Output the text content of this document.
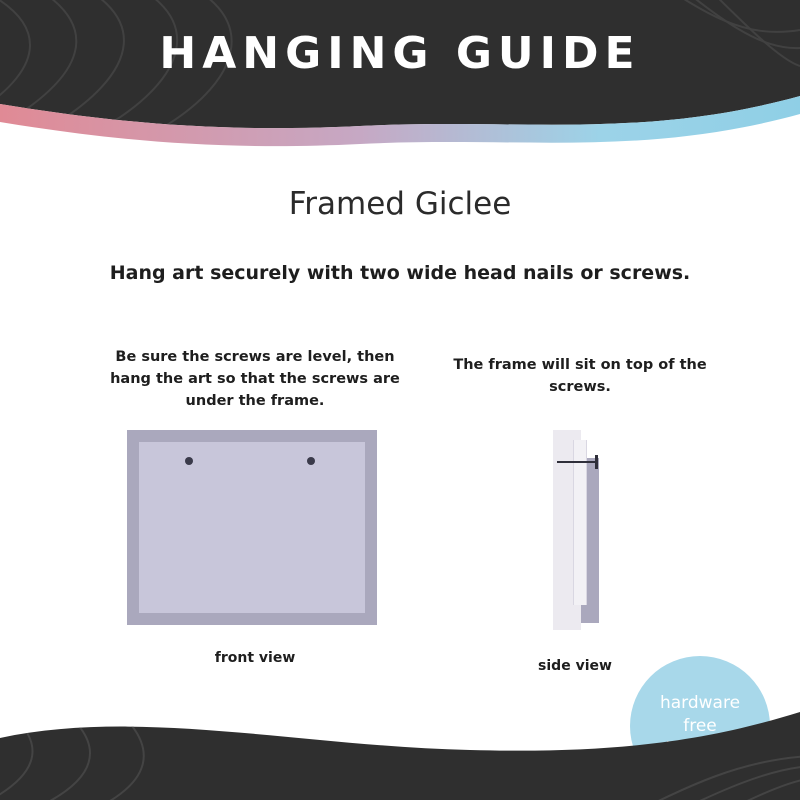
HANGING GUIDE
Framed Giclee
Hang art securely with two wide head nails or screws.
Be sure the screws are level, then hang the art so that the screws are under the frame.
The frame will sit on top of the screws.
front view	side view
hardware
free
